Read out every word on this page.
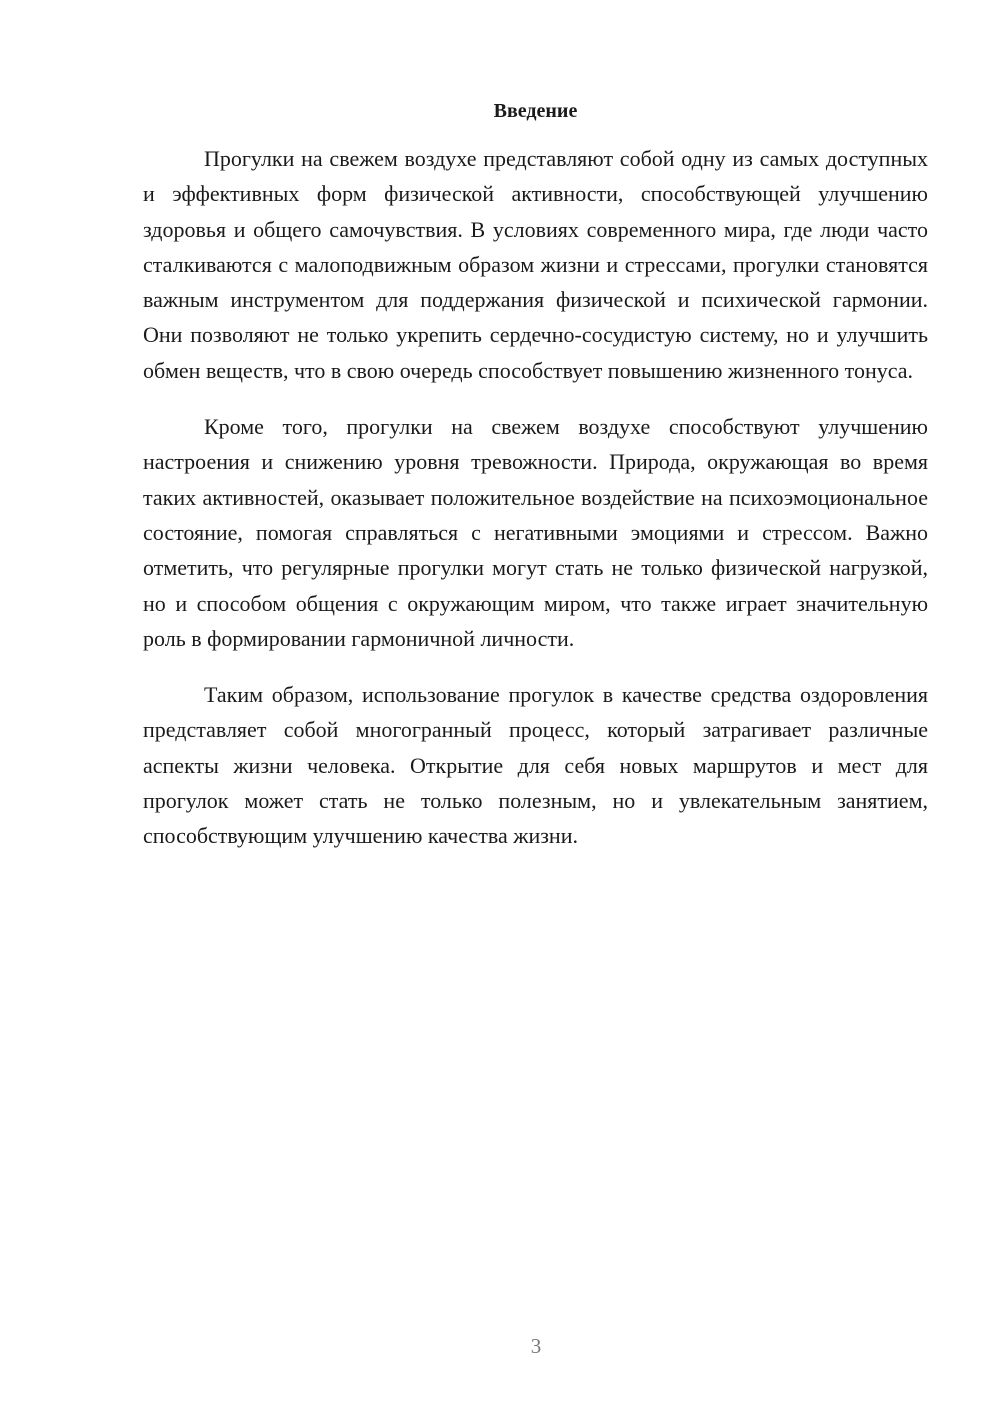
Введение

Прогулки на свежем воздухе представляют собой одну из самых доступных и эффективных форм физической активности, способствующей улучшению здоровья и общего самочувствия. В условиях современного мира, где люди часто сталкиваются с малоподвижным образом жизни и стрессами, прогулки становятся важным инструментом для поддержания физической и психической гармонии. Они позволяют не только укрепить сердечно-сосудистую систему, но и улучшить обмен веществ, что в свою очередь способствует повышению жизненного тонуса.

Кроме того, прогулки на свежем воздухе способствуют улучшению настроения и снижению уровня тревожности. Природа, окружающая во время таких активностей, оказывает положительное воздействие на психоэмоциональное состояние, помогая справляться с негативными эмоциями и стрессом. Важно отметить, что регулярные прогулки могут стать не только физической нагрузкой, но и способом общения с окружающим миром, что также играет значительную роль в формировании гармоничной личности.

Таким образом, использование прогулок в качестве средства оздоровления представляет собой многогранный процесс, который затрагивает различные аспекты жизни человека. Открытие для себя новых маршрутов и мест для прогулок может стать не только полезным, но и увлекательным занятием, способствующим улучшению качества жизни.

3
